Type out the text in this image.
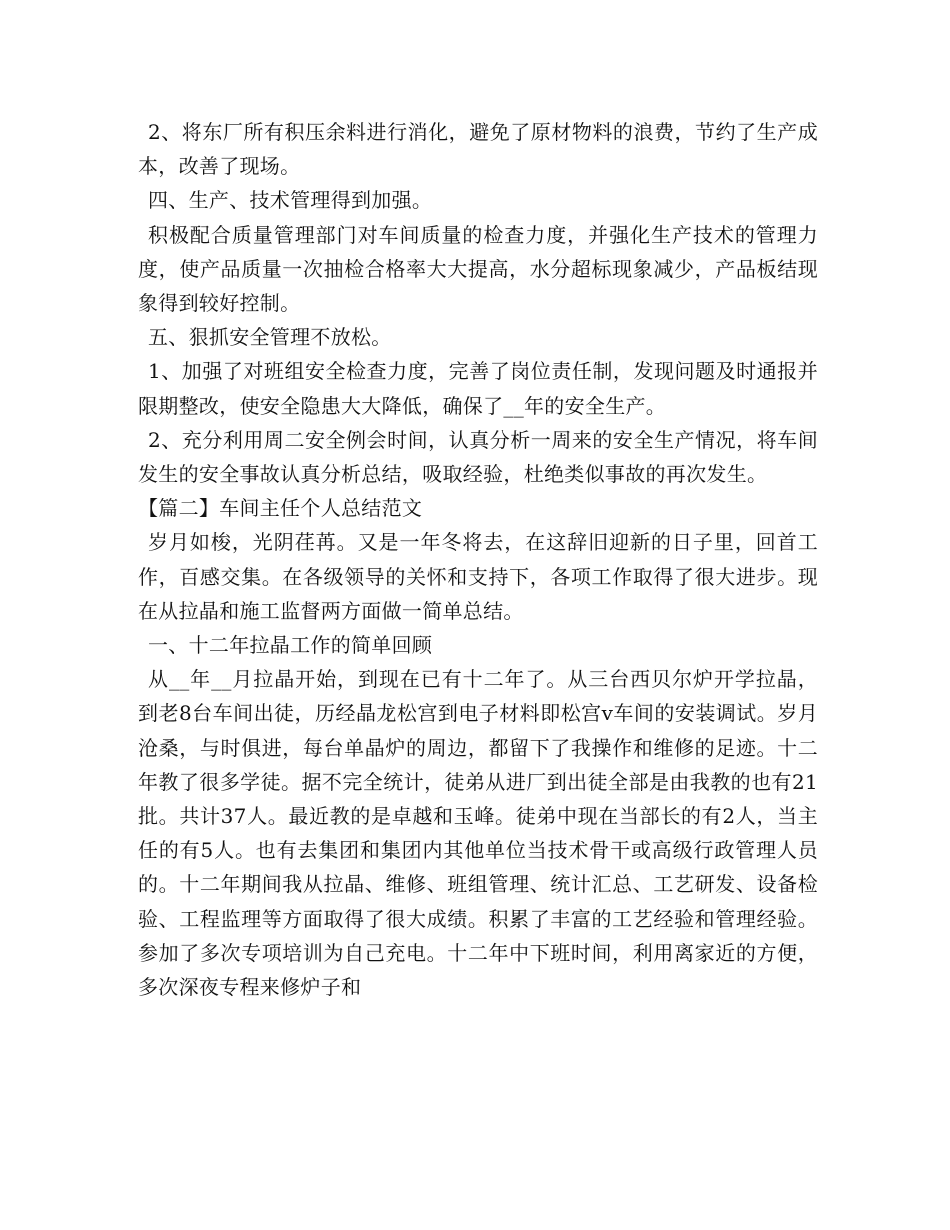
2、将东厂所有积压余料进行消化，避免了原材物料的浪费，节约了生产成本，改善了现场。

四、生产、技术管理得到加强。

积极配合质量管理部门对车间质量的检查力度，并强化生产技术的管理力度，使产品质量一次抽检合格率大大提高，水分超标现象减少，产品板结现象得到较好控制。

五、狠抓安全管理不放松。

1、加强了对班组安全检查力度，完善了岗位责任制，发现问题及时通报并限期整改，使安全隐患大大降低，确保了__年的安全生产。

2、充分利用周二安全例会时间，认真分析一周来的安全生产情况，将车间发生的安全事故认真分析总结，吸取经验，杜绝类似事故的再次发生。

【篇二】车间主任个人总结范文

岁月如梭，光阴荏苒。又是一年冬将去，在这辞旧迎新的日子里，回首工作，百感交集。在各级领导的关怀和支持下，各项工作取得了很大进步。现在从拉晶和施工监督两方面做一简单总结。

一、十二年拉晶工作的简单回顾

从__年__月拉晶开始，到现在已有十二年了。从三台西贝尔炉开学拉晶，到老8台车间出徒，历经晶龙松宫到电子材料即松宫v车间的安装调试。岁月沧桑，与时俱进，每台单晶炉的周边，都留下了我操作和维修的足迹。十二年教了很多学徒。据不完全统计，徒弟从进厂到出徒全部是由我教的也有21批。共计37人。最近教的是卓越和玉峰。徒弟中现在当部长的有2人，当主任的有5人。也有去集团和集团内其他单位当技术骨干或高级行政管理人员的。十二年期间我从拉晶、维修、班组管理、统计汇总、工艺研发、设备检验、工程监理等方面取得了很大成绩。积累了丰富的工艺经验和管理经验。参加了多次专项培训为自己充电。十二年中下班时间，利用离家近的方便，多次深夜专程来修炉子和
